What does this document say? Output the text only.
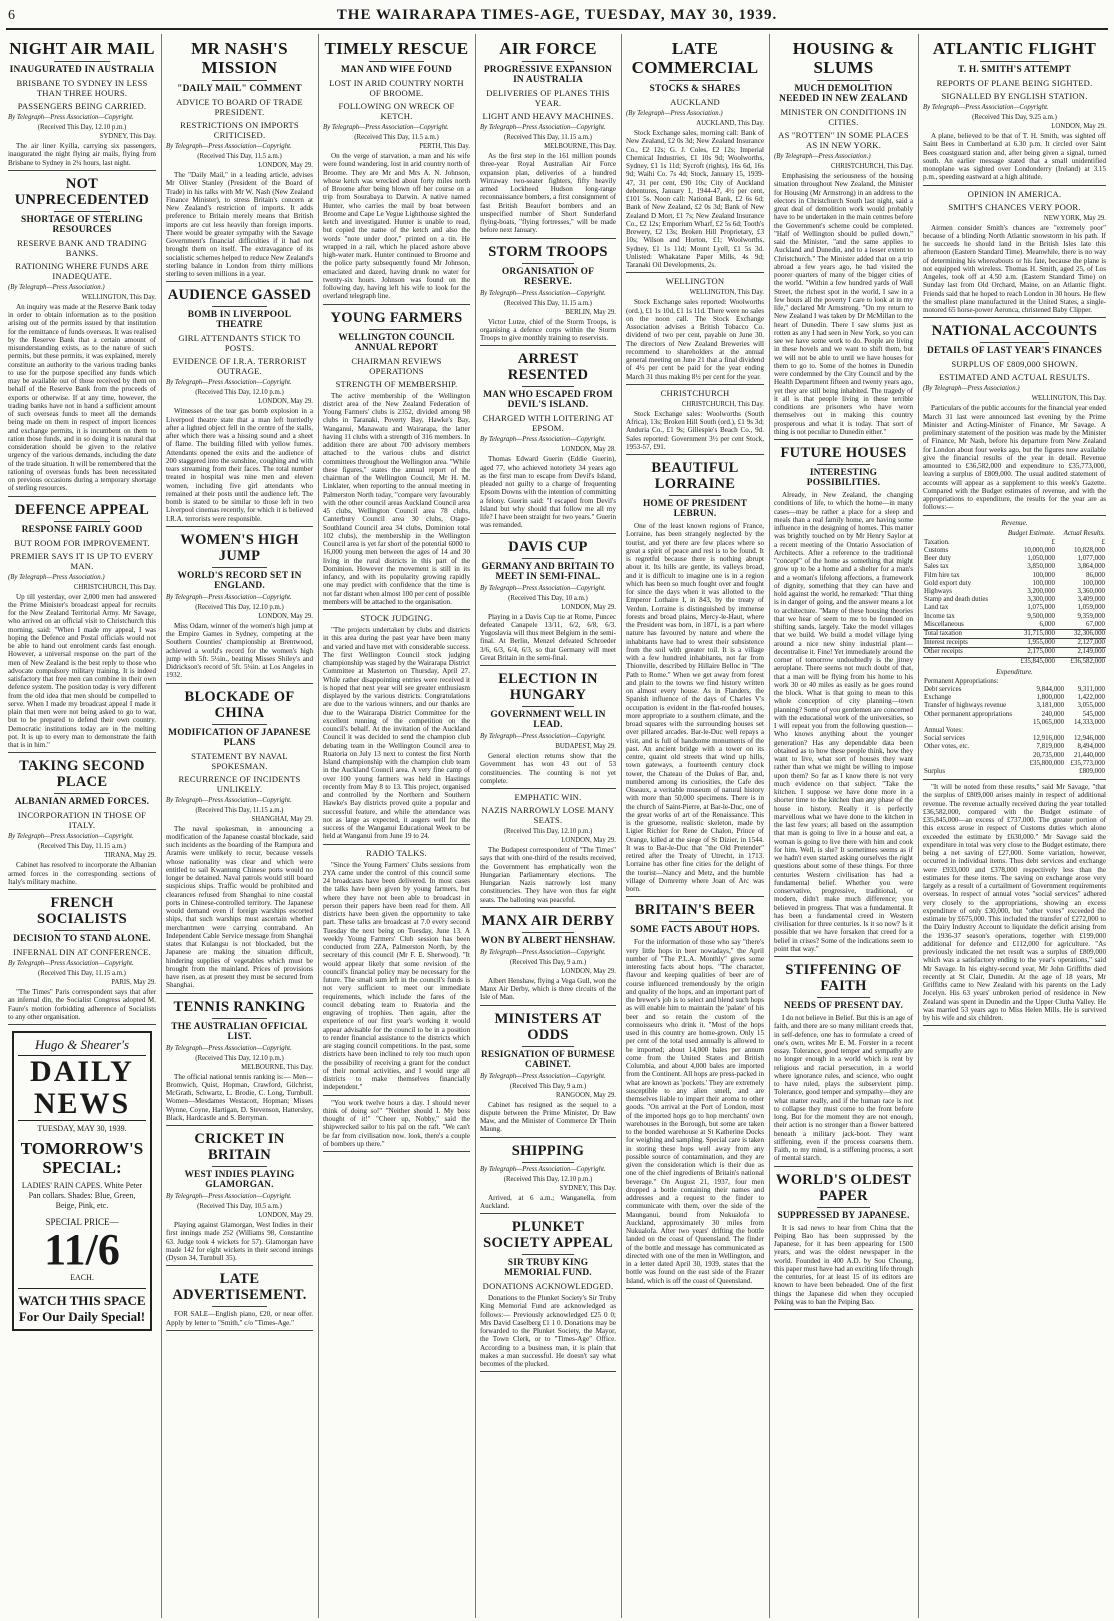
6	THE WAIRARAPA TIMES-AGE, TUESDAY, MAY 30, 1939.
NIGHT AIR MAIL
INAUGURATED IN AUSTRALIA
BRISBANE TO SYDNEY IN LESS THAN THREE HOURS.
PASSENGERS BEING CARRIED.
By Telegraph—Press Association—Copyright.
(Received This Day, 12.10 p.m.)
SYDNEY, This Day.

The air liner Kyilla, carrying six passengers, inaugurated the night flying air mails, flying from Brisbane to Sydney in 2¼ hours, last night.

NOT UNPRECEDENTED
SHORTAGE OF STERLING RESOURCES
RESERVE BANK AND TRADING BANKS.
RATIONING WHERE FUNDS ARE INADEQUATE.
(By Telegraph—Press Association.)
WELLINGTON, This Day.

An inquiry was made at the Reserve Bank today in order to obtain information as to the position arising out of the permits issued by that institution for the remittance of funds overseas. It was realised by the Reserve Bank that a certain amount of misunderstanding exists, as to the nature of such permits, but these permits, it was explained, merely constitute an authority to the various trading banks to use for the purpose specified any funds which may be available out of those received by them on behalf of the Reserve Bank from the proceeds of exports or otherwise. If at any time, however, the trading banks have not in hand a sufficient amount of such overseas funds to meet all the demands being made on them in respect of import licences and exchange permits, it is incumbent on them to ration those funds, and in so doing it is natural that consideration should be given to the relative urgency of the various demands, including the date of the trade situation. It will be remembered that the rationing of overseas funds has been necessitated on previous occasions during a temporary shortage of sterling resources.

DEFENCE APPEAL
RESPONSE FAIRLY GOOD
BUT ROOM FOR IMPROVEMENT.
PREMIER SAYS IT IS UP TO EVERY MAN.
(By Telegraph—Press Association.)
CHRISTCHURCH, This Day.

Up till yesterday, over 2,000 men had answered the Prime Minister's broadcast appeal for recruits for the New Zealand Territorial Army. Mr Savage, who arrived on an official visit to Christchurch this morning, said: "When I made my appeal, I was hoping the Defence and Postal officials would not be able to hand out enrolment cards fast enough. However, a universal response on the part of the men of New Zealand is the best reply to those who advocate compulsory military training. It is indeed satisfactory that free men can combine in their own defence system. The position today is very different from the old idea that men should be compelled to serve. When I made my broadcast appeal I made it plain that men were not being asked to go to war, but to be prepared to defend their own country. Democratic institutions today are in the melting pot. It is up to every man to demonstrate the faith that is in him."

TAKING SECOND PLACE
ALBANIAN ARMED FORCES.
INCORPORATION IN THOSE OF ITALY.
By Telegraph—Press Association—Copyright.
(Received This Day, 11.15 a.m.)
TIRANA, May 29.

Cabinet has resolved to incorporate the Albanian armed forces in the corresponding sections of Italy's military machine.

FRENCH SOCIALISTS
DECISION TO STAND ALONE.
INFERNAL DIN AT CONFERENCE.
By Telegraph—Press Association—Copyright.
(Received This Day, 11.15 a.m.)
PARIS, May 29.

"The Times" Paris correspondent says that after an infernal din, the Socialist Congress adopted M. Faure's motion forbidding adherence of Socialists to any other organisation.

Hugo & Shearer's
DAILY NEWS
TUESDAY, MAY 30, 1939.
TOMORROW'S SPECIAL:
LADIES' RAIN CAPES. White Peter Pan collars. Shades: Blue, Green, Beige, Pink, etc.
SPECIAL PRICE—
11/6
EACH.
WATCH THIS SPACE
For Our Daily Special!
MR NASH'S MISSION
"DAILY MAIL" COMMENT
ADVICE TO BOARD OF TRADE PRESIDENT.
RESTRICTIONS ON IMPORTS CRITICISED.
By Telegraph—Press Association—Copyright.
(Received This Day, 11.5 a.m.)
LONDON, May 29.

The "Daily Mail," in a leading article, advises Mr Oliver Stanley (President of the Board of Trade) in his talks with Mr W. Nash (New Zealand Finance Minister), to stress Britain's concern at New Zealand's restriction of imports. It adds preference to Britain merely means that British imports are cut less heavily than foreign imports. There would be greater sympathy with the Savage Government's financial difficulties if it had not brought them on itself. The extravagance of its socialistic schemes helped to reduce New Zealand's sterling balance in London from thirty millions sterling to seven millions in a year.

AUDIENCE GASSED
BOMB IN LIVERPOOL THEATRE
GIRL ATTENDANTS STICK TO POSTS.
EVIDENCE OF I.R.A. TERRORIST OUTRAGE.
By Telegraph—Press Association—Copyright.
(Received This Day, 12.10 p.m.)
LONDON, May 29.

Witnesses of the tear gas bomb explosion in a Liverpool theatre state that a man left hurriedly after a lighted object fell in the centre of the stalls, after which there was a hissing sound and a sheet of flame. The building filled with yellow fumes. Attendants opened the exits and the audience of 200 staggered into the sunshine, coughing and with tears streaming from their faces. The total number treated in hospital was nine men and eleven women, including five girl attendants who remained at their posts until the audience left. The bomb is stated to be similar to those left in two Liverpool cinemas recently, for which it is believed I.R.A. terrorists were responsible.

WOMEN'S HIGH JUMP
WORLD'S RECORD SET IN ENGLAND.
By Telegraph—Press Association—Copyright.
(Received This Day, 12.10 p.m.)
LONDON, May 29.

Miss Odam, winner of the women's high jump at the Empire Games in Sydney, competing at the Southern Counties' championship at Brentwood, achieved a world's record for the women's high jump with 5ft. 5¼in., beating Misses Shiley's and Didrickson's record of 5ft. 5¼in. at Los Angeles in 1932.

BLOCKADE OF CHINA
MODIFICATION OF JAPANESE PLANS
STATEMENT BY NAVAL SPOKESMAN.
RECURRENCE OF INCIDENTS UNLIKELY.
By Telegraph—Press Association—Copyright.
(Received This Day, 11.15 a.m.)
SHANGHAI, May 29.

The naval spokesman, in announcing a modification of the Japanese coastal blockade, said such incidents as the boarding of the Rampura and Aramis were unlikely to recur, because vessels whose nationality was clear and which were entitled to sail Kwantung Chinese ports would no longer be detained. Naval patrols would still board suspicious ships. Traffic would be prohibited and clearances refused from Shanghai to nine coastal ports in Chinese-controlled territory. The Japanese would demand even if foreign warships escorted ships, that such warships must ascertain whether merchantmen were carrying contraband. An Independent Cable Service message from Shanghai states that Kulangsu is not blockaded, but the Japanese are making the situation difficult, hindering supplies of vegetables which must be brought from the mainland. Prices of provisions have risen, as at present they must be secured from Shanghai.

TENNIS RANKING
THE AUSTRALIAN OFFICIAL LIST.
By Telegraph—Press Association—Copyright.
(Received This Day, 12.10 p.m.)
MELBOURNE, This Day.

The official national tennis ranking is:— Men—Bromwich, Quist, Hopman, Crawford, Gilchrist, McGrath, Schwartz, L. Brodie, C. Long, Turnbull. Women—Mesdames Westacott, Hopman; Misses Wynne, Coyne, Hartigan, D. Stevenson, Hattersley, Black, Hardcastle and S. Berryman.

CRICKET IN BRITAIN
WEST INDIES PLAYING GLAMORGAN.
By Telegraph—Press Association—Copyright.
(Received This Day, 10.5 a.m.)
LONDON, May 29.

Playing against Glamorgan, West Indies in their first innings made 252 (Williams 98, Constantine 63. Judge took 4 wickets for 57). Glamorgan have made 142 for eight wickets in their second innings (Dyson 34, Turnbull 35).

LATE ADVERTISEMENT.

FOR SALE—English piano, £20, or near offer. Apply by letter to "Smith," c/o "Times-Age."

TIMELY RESCUE
MAN AND WIFE FOUND
LOST IN ARID COUNTRY NORTH OF BROOME.
FOLLOWING ON WRECK OF KETCH.
By Telegraph—Press Association—Copyright.
(Received This Day, 11.5 a.m.)
PERTH, This Day.

On the verge of starvation, a man and his wife were found wandering, lost in arid country north of Broome. They are Mr and Mrs A. N. Johnson, whose ketch was wrecked about forty miles north of Broome after being blown off her course on a trip from Sourabaya to Darwin. A native named Hunter, who carries the mail by boat between Broome and Cape Le Vegue Lighthouse sighted the ketch and investigated. Hunter is unable to read, but copied the name of the ketch and also the words "note under door," printed on a tin. He wrapped in a rail, which he placed ashore above high-water mark. Hunter continued to Broome and the police party subsequently found Mr Johnson, emaciated and dazed, having drunk no water for twenty-six hours. Johnson was found on the following day, having left his wife to look for the overland telegraph line.

YOUNG FARMERS
WELLINGTON COUNCIL ANNUAL REPORT
CHAIRMAN REVIEWS OPERATIONS
STRENGTH OF MEMBERSHIP.

The active membership of the Wellington district area of the New Zealand Federation of Young Farmers' clubs is 2352, divided among 98 clubs in Taranaki, Poverty Bay, Hawke's Bay, Wanganui, Manawatu and Wairarapa, the latter having 11 clubs with a strength of 316 members. In addition there are about 700 advisory members attached to the various clubs and district committees throughout the Wellington area. "While these figures," states the annual report of the chairman of the Wellington Council, Mr H. M. Linklater, when reporting to the annual meeting in Palmerston North today, "compare very favourably with the other council areas Auckland Council area 45 clubs, Wellington Council area 78 clubs, Canterbury Council area 30 clubs, Otago-Southland Council area 34 clubs, Dominion total 102 clubs), the membership in the Wellington Council area is yet far short of the potential 6000 to 16,000 young men between the ages of 14 and 30 living in the rural districts in this part of the Dominion. However the movement is still in its infancy, and with its popularity growing rapidly one may predict with confidence that the time is not far distant when almost 100 per cent of possible members will be attached to the organisation.

STOCK JUDGING.

"The projects undertaken by clubs and districts in this area during the past year have been many and varied and have met with considerable success. The first Wellington Council stock judging championship was staged by the Wairarapa District Committee at Masterton on Thursday, April 27. While rather disappointing entries were received it is hoped that next year will see greater enthusiasm displayed by the various districts. Congratulations are due to the various winners, and our thanks are due to the Wairarapa District Committee for the excellent running of the competition on the council's behalf. At the invitation of the Auckland Council it was decided to send the champion club debating team in the Wellington Council area to Ruatoria on July 13 next to contest the first North Island championship with the champion club team in the Auckland Council area. A very fine camp of over 100 young farmers was held in Hastings recently from May 8 to 13. This project, organised and controlled by the Northern and Southern Hawke's Bay districts proved quite a popular and successful feature, and while the attendance was not as large as expected, it augers well for the success of the Wanganui Educational Week to be held at Wanganui from June 19 to 24.

RADIO TALKS.

"Since the Young Farmers' Clubs sessions from 2YA came under the control of this council some 24 broadcasts have been delivered. In most cases the talks have been given by young farmers, but where they have not been able to broadcast in person their papers have been read for them. All districts have been given the opportunity to take part. These talks are broadcast at 7.0 every second Tuesday the next being on Tuesday, June 13. A weekly Young Farmers' Club session has been conducted from 2ZA, Palmerston North, by the secretary of this council (Mr F. E. Sherwood). "It would appear likely that some revision of the council's financial policy may be necessary for the future. The small sum left in the council's funds is not very sufficient to meet our immediate requirements, which include the fares of the council debating team to Ruatoria and the engraving of trophies. Then again, after the experience of our first year's working it would appear advisable for the council to be in a position to render financial assistance to the districts which are staging council competitions. In the past, some districts have been inclined to rely too much upon the possibility of receiving a grant for the conduct of their normal activities, and I would urge all districts to make themselves financially independent."

"You work twelve hours a day. I should never think of doing so!" "Neither should I. My boss thought of it!" "Cheer up, Nobby," said the shipwrecked sailor to his pal on the raft. "We can't be far from civilisation now. look, there's a couple of bombers up there."

AIR FORCE
PROGRESSIVE EXPANSION IN AUSTRALIA
DELIVERIES OF PLANES THIS YEAR.
LIGHT AND HEAVY MACHINES.
By Telegraph—Press Association—Copyright.
(Received This Day, 11.15 a.m.)
MELBOURNE, This Day.

As the first step in the 161 million pounds three-year Royal Australian Air Force expansion plan, deliveries of a hundred Wirraway two-seater fighters, fifty heavily armed Lockheed Hudson long-range reconnaissance bombers, a first consignment of fast British Beaufort bombers and an unspecified number of Short Sunderland flying-boats, "flying fortresses," will be made before next January.

STORM TROOPS
ORGANISATION OF RESERVE.
By Telegraph—Press Association—Copyright.
(Received This Day, 11.15 a.m.)
BERLIN, May 29.

Victor Lutze, chief of the Storm Troops, is organising a defence corps within the Storm Troops to give monthly training to reservists.

ARREST RESENTED
MAN WHO ESCAPED FROM DEVIL'S ISLAND.
CHARGED WITH LOITERING AT EPSOM.
By Telegraph—Press Association—Copyright.
LONDON, May 28.

Thomas Edward Guerin (Eddie Guerin), aged 77, who achieved notoriety 34 years ago as the first man to escape from Devil's Island, pleaded not guilty to a charge of frequenting Epsom Downs with the intention of committing a felony. Guerin said: "I escaped from Devil's Island but why should that follow me all my life? I have been straight for two years." Guerin was remanded.

DAVIS CUP
GERMANY AND BRITAIN TO MEET IN SEMI-FINAL.
By Telegraph—Press Association—Copyright.
(Received This Day, 10 a.m.)
LONDON, May 29.

Playing in a Davis Cup tie at Rome, Puncec defeated Canapele 13/11, 6/2, 6/8, 6/3. Yugoslavia will thus meet Belgium in the semi-final. At Berlin, Menzel defeated Schroeder 3/6, 6/3, 6/4, 6/3, so that Germany will meet Great Britain in the semi-final.

ELECTION IN HUNGARY
GOVERNMENT WELL IN LEAD.
By Telegraph—Press Association—Copyright.
BUDAPEST, May 29.

General election returns show that the Government has won 43 out of 53 constituencies. The counting is not yet complete.

EMPHATIC WIN.
NAZIS NARROWLY LOSE MANY SEATS.
(Received This Day, 12.10 p.m.)
LONDON, May 29.

The Budapest correspondent of "The Times" says that with one-third of the results received, the Government has emphatically won the Hungarian Parliamentary elections. The Hungarian Nazis narrowly lost many constituencies. They have won thus far eight seats. The balloting was peaceful.

MANX AIR DERBY
WON BY ALBERT HENSHAW.
By Telegraph—Press Association—Copyright.
(Received This Day, 9 a.m.)
LONDON, May 29.

Albert Henshaw, flying a Vega Gull, won the Manx Air Derby, which is three circuits of the Isle of Man.

MINISTERS AT ODDS
RESIGNATION OF BURMESE CABINET.
By Telegraph—Press Association—Copyright.
(Received This Day, 9 a.m.)
RANGOON, May 29.

Cabinet has resigned as the sequel to a dispute between the Prime Minister, Dr Baw Maw, and the Minister of Commerce Dr Thein Maung.

SHIPPING
By Telegraph—Press Association—Copyright.
(Received This Day, 12.10 p.m.)
SYDNEY, This Day.

Arrived, at 6 a.m.; Wanganella, from Auckland.

PLUNKET SOCIETY APPEAL
SIR TRUBY KING MEMORIAL FUND.
DONATIONS ACKNOWLEDGED.

Donations to the Plunket Society's Sir Truby King Memorial Fund are acknowledged as follows:— Previously acknowledged £25 0 0; Mrs David Caselberg £1 1 0. Donations may be forwarded to the Plunket Society, the Mayor, the Town Clerk, or to "Times-Age" Office. According to a business man, it is plain that makes a man successful. He doesn't say what becomes of the plucked.

LATE COMMERCIAL
STOCKS & SHARES
AUCKLAND
(By Telegraph—Press Association.)
AUCKLAND, This Day.

Stock Exchange sales, morning call: Bank of New Zealand, £2 0s 3d; New Zealand Insurance Co., £2 12s; G. J. Coles, £2 12s; Imperial Chemical Industries, £1 10s 9d; Woolworths, Sydney, £1 1s 11d; Sycroft (rights), 16s 6d, 16s 9d; Waihi Co. 7s 4d; Stock, January 15, 1939-47, 31 per cent, £90 10s; City of Auckland debentures, January 1, 1944-47, 4½ per cent, £101 5s. Noon call: National Bank, £2 6s 6d; Bank of New Zealand, £2 0s 3d; Bank of New Zealand D Mort, £1 7s; New Zealand Insurance Co., £2 12s; Emporium Wharf, £2 5s 6d; Tooth's Brewery, £2 13s; Broken Hill Proprietary, £3 10s; Wilson and Horton, £1; Woolworths, Sydney, £1 1s 11d; Mount Lyell, £1 5s 3d. Unlisted: Whakatane Paper Mills, 4s 9d; Taranaki Oil Developments, 2s.

WELLINGTON
WELLINGTON, This Day.

Stock Exchange sales reported: Woolworths (ord.), £1 1s 10d, £1 1s 11d. There were no sales on the noon call. The Stock Exchange Association advises a British Tobacco Co. dividend of two per cent, payable on June 30. The directors of New Zealand Breweries will recommend to shareholders at the annual general meeting on June 21 that a final dividend of 4½ per cent be paid for the year ending March 31 thus making 8½ per cent for the year.

CHRISTCHURCH
CHRISTCHURCH, This Day.

Stock Exchange sales: Woolworths (South Africa), 13s; Broken Hill South (ord.), £1 9s 3d; Anduria Co., £1 9s; Gillespie's Beach Co., 9d. Sales reported: Government 3½ per cent Stock, 1953-57, £91.

BEAUTIFUL LORRAINE
HOME OF PRESIDENT LEBRUN.

One of the least known regions of France, Lorraine, has been strangely neglected by the tourist, and yet there are few places where so great a spirit of peace and rest is to be found. It is regretful because there is nothing abrupt about it. Its hills are gentle, its valleys broad, and it is difficult to imagine one is in a region which has been so much fought over and fought for since the days when it was allotted to the Emperor Lothaire I, in 843, by the treaty of Verdun. Lorraine is distinguished by immense forests and broad plains, Mercy-le-Haut, where the President was born, in 1871, is a part where nature has favoured by nature and where the inhabitants have had to wrest their subsistence from the soil with greater toil. It is a village with a few hundred inhabitants, not far from Thionville, described by Hillaire Belloc in "The Path to Rome." When we get away from forest and plain to the towns we find history written on almost every house. As in Flanders, the Spanish influence of the days of Charles V's occupation is evident in the flat-roofed houses, more appropriate to a southern climate, and the broad squares with the surrounding houses set over pillared arcades. Bar-le-Duc well repays a visit, and is full of handsome monuments of the past. An ancient bridge with a tower on its centre, quaint old streets that wind up hills, town gateways, a fourteenth century clock tower, the Chateau of the Dukes of Bar, and, numbered among its curiosities, the Cafe des Oiseaux, a veritable museum of natural history with more than 50,000 specimens. There is in the church of Saint-Pierre, at Bar-le-Duc, one of the great works of art of the Renaissance. This is the gruesome, realistic skeleton, made by Ligier Richier for Rene de Chalon, Prince of Orange, killed at the siege of St Dizier, in 1544. It was to Bar-le-Duc that "the Old Pretender" retired after the Treaty of Utrecht, in 1713. Lorraine has other fine cities for the delight of the tourist—Nancy and Metz, and the humble village of Domremy where Joan of Arc was born.

BRITAIN'S BEER
SOME FACTS ABOUT HOPS.

For the information of those who say "there's very little hops in beer nowadays," the April number of "The P.L.A. Monthly" gives some interesting facts about hops. "The character, flavour and keeping qualities of beer are of course influenced tremendously by the origin and quality of the hops, and an important part of the brewer's job is to select and blend such hops as will enable him to maintain the 'palate' of his beer and so retain the custom of the connoisseurs who drink it. "Most of the hops used in this country are home-grown. Only 15 per cent of the total used annually is allowed to be imported; about 14,000 bales per annum come from the United States and British Columbia, and about 4,000 bales are imported from the Continent. All hops are press-packed in what are known as 'pockets.' They are extremely susceptible to any alien smell, and are themselves liable to impart their aroma to other goods. "On arrival at the Port of London, most of the imported hops go to hop merchants' own warehouses in the Borough, but some are taken to the bonded warehouse at St Katherine Docks for weighing and sampling. Special care is taken in storing these hops well away from any possible source of contamination, and they are given the consideration which is their due as one of the chief ingredients of Britain's national beverage." On August 21, 1937, four men dropped a bottle containing their names and addresses and a request to the finder to communicate with them, over the side of the Maunganui, bound from Nukualofa to Auckland, approximately 30 miles from Nukualofa. After two years' drifting the bottle landed on the coast of Queensland. The finder of the bottle and message has communicated as directed with one of the men in Wellington, and in a letter dated April 30, 1939, states that the bottle was found on the east side of the Frazer Island, which is off the coast of Queensland.

HOUSING & SLUMS
MUCH DEMOLITION NEEDED IN NEW ZEALAND
MINISTER ON CONDITIONS IN CITIES.
AS "ROTTEN" IN SOME PLACES AS IN NEW YORK.
(By Telegraph—Press Association.)
CHRISTCHURCH, This Day.

Emphasising the seriousness of the housing situation throughout New Zealand, the Minister for Housing (Mr Armstrong) in an address to the electors in Christchurch South last night, said a great deal of demolition work would probably have to be undertaken in the main centres before the Government's scheme could be completed. "Half of Wellington should be pulled down," said the Minister, "and the same applies to Auckland and Dunedin, and to a lesser extent to Christchurch." The Minister added that on a trip abroad a few years ago, he had visited the poorer quarters of many of the bigger cities of the world. "Within a few hundred yards of Wall Street, the richest spot in the world, I saw in a few hours all the poverty I care to look at in my life," declared Mr Armstrong. "On my return to New Zealand I was taken by Dr McMillan to the heart of Dunedin. There I saw slums just as rotten as any I had seen in New York, so you can see we have some work to do. People are living in these hovels and we want to shift them, but we will not be able to until we have houses for them to go to. Some of the homes in Dunedin were condemned by the City Council and by the Health Department fifteen and twenty years ago, yet they are still being inhabited. The tragedy of it all is that people living in these terrible conditions are prisoners who have worn themselves out in making this country prosperous and what it is today. That sort of thing is not peculiar to Dunedin either."

FUTURE HOUSES
INTERESTING POSSIBILITIES.

Already, in New Zealand, the changing conditions of life, to which the home—in many cases—may be rather a place for a sleep and meals than a real family home, are having some influence in the designing of homes. This matter was brightly touched on by Mr Henry Saylor at a recent meeting of the Ontario Association of Architects. After a reference to the traditional "concept" of the home as something that might grow up to be a home and a shelter for a man's and a woman's lifelong affections, a framework of dignity, something that they can have and hold against the world, he remarked: "That thing is in danger of going, and the answer means a lot to architecture. "Many of these housing theories that we hear of seem to me to be founded on shifting sands, largely. Take the model villages that we build. We build a model village lying around a nice new shiny industrial plant—decentralise it. Fine! Yet immediately around the corner of tomorrow undoubtedly is the jitney aeroplane. There seems not much doubt of that, that a man will be flying from his home to his work 30 or 40 miles as easily as he goes round the block. What is that going to mean to this whole conception of city planning—town planning? Some of you gentlemen are concerned with the educational work of the universities, so I will repeat you from the following question—Who knows anything about the younger generation? Has any dependable data been obtained as to how these people think, how they want to live, what sort of houses they want rather than what we might be willing to impose upon them? So far as I know there is not very much evidence on that subject. "Take the kitchen. I suppose we have done more in a shorter time to the kitchen than any phase of the house in history. Really it is perfectly marvellous what we have done to the kitchen in the last few years; all based on the assumption that man is going to live in a house and eat, a woman is going to live there with him and cook for him. Well, is she? It sometimes seems as if we hadn't even started asking ourselves the right questions about some of these things. For three centuries Western civilisation has had a fundamental belief. Whether you were conservative, progressive, traditional, or modern, didn't make much difference; you believed in progress. That was a fundamental. It has been a fundamental creed in Western civilisation for three centuries. Is it so now? Is it possible that we have forsaken that creed for a belief in crises? Some of the indications seem to point that way."

STIFFENING OF FAITH
NEEDS OF PRESENT DAY.

I do not believe in Belief. But this is an age of faith, and there are so many militant creeds that, in self-defence, one has to formulate a creed of one's own, writes Mr E. M. Forster in a recent essay. Tolerance, good temper and sympathy are no longer enough in a world which is rent by religious and racial persecution, in a world where ignorance rules, and science, who ought to have ruled, plays the subservient pimp. Tolerance, good temper and sympathy—they are what matter really, and if the human race is not to collapse they must come to the front before long. But for the moment they are not enough, their action is no stronger than a flower battered beneath a military jack-boot. They want stiffening, even if the process coarsens them. Faith, to my mind, is a stiffening process, a sort of mental starch.

WORLD'S OLDEST PAPER
SUPPRESSED BY JAPANESE.

It is sad news to hear from China that the Peiping Bao has been suppressed by the Japanese, for it has been appearing for 1500 years, and was the oldest newspaper in the world. Founded in 400 A.D. by Sou Choung, this paper must have had an exciting life through the centuries, for at least 15 of its editors are known to have been beheaded. One of the first things the Japanese did when they occupied Peking was to ban the Peiping Bao.

ATLANTIC FLIGHT
T. H. SMITH'S ATTEMPT
REPORTS OF PLANE BEING SIGHTED.
SIGNALLED BY ENGLISH STATION.
By Telegraph—Press Association—Copyright.
(Received This Day, 9.25 a.m.)
LONDON, May 29.

A plane, believed to be that of T. H. Smith, was sighted off Saint Bees in Cumberland at 6.30 p.m. It circled over Saint Bees coastguard station and, after being given a signal, turned south. An earlier message stated that a small unidentified monoplane was sighted over Londonderry (Ireland) at 3.15 p.m., speeding eastward at a high altitude.

OPINION IN AMERICA.
SMITH'S CHANCES VERY POOR.
NEW YORK, May 29.

Airmen consider Smith's chances are "extremely poor" because of a blinding North Atlantic snowstorm in his path. If he succeeds he should land in the British Isles late this afternoon (Eastern Standard Time). Meanwhile, there is no way of determining his whereabouts or his fate, because the plane is not equipped with wireless. Thomas H. Smith, aged 25, of Los Angeles, took off at 4.50 a.m. (Eastern Standard Time) on Sunday last from Old Orchard, Maine, on an Atlantic flight. Friends said that he hoped to reach London in 30 hours. He flew the smallest plane manufactured in the United States, a single-motored 65 horse-power Aeronca, christened Baby Clipper.

NATIONAL ACCOUNTS
DETAILS OF LAST YEAR'S FINANCES
SURPLUS OF £809,000 SHOWN.
ESTIMATED AND ACTUAL RESULTS.
(By Telegraph—Press Association.)
WELLINGTON, This Day.

Particulars of the public accounts for the financial year ended March 31 last were announced last evening by the Prime Minister and Acting-Minister of Finance, Mr Savage. A preliminary statement of the position was made by the Minister of Finance, Mr Nash, before his departure from New Zealand for London about four weeks ago, but the figures now available give the financial results of the year in detail. Revenue amounted to £36,582,000 and expenditure to £35,773,000, leaving a surplus of £809,000. The usual audited statement of accounts will appear as a supplement to this week's Gazette. Compared with the Budget estimates of revenue, and with the appropriations to expenditure, the results for the year are as follows:—

Revenue.
	Budget Estimate.	Actual Results.
Taxation.	£	£
Customs	10,000,000	10,828,000
Beer duty	1,050,000	1,077,000
Sales tax	3,850,000	3,864,000
Film hire tax	100,000	86,000
Gold export duty	100,000	100,000
Highways	3,200,000	3,360,000
Stamp and death duties	3,300,000	3,409,000
Land tax	1,075,000	1,059,000
Income tax	9,500,000	9,359,000
Miscellaneous	6,000	67,000
Total taxation	31,715,000	32,306,000
Interest receipts	1,955,000	2,127,000
Other receipts	2,175,000	2,149,000
	£35,845,000	£36,582,000
Expenditure.
Permanent Appropriations:		
Debt services	9,844,000	9,311,000
Exchange	1,800,000	1,422,000
Transfer of highways revenue	3,181,000	3,055,000
Other permanent appropriations	240,000	545,000
	15,065,000	14,333,000
Annual Votes:		
Social services	12,916,000	12,946,000
Other votes, etc.	7,819,000	8,494,000
	20,735,000	21,440,000
	£35,800,000	£35,773,000
Surplus		£809,000

"It will be noted from these results," said Mr Savage, "that the surplus of £809,000 arises mainly in respect of additional revenue. The revenue actually received during the year totalled £36,582,000, compared with the Budget estimate of £35,845,000—an excess of £737,000. The greater portion of this excess arose in respect of Customs duties which alone exceeded the estimate by £630,000." Mr Savage said the expenditure in total was very close to the Budget estimate, there being a net saving of £27,000. Some variation, however, occurred in individual items. Thus debt services and exchange were £933,000 and £378,000 respectively less than the estimates for these items. The saving on exchange arose very largely as a result of a curtailment of Government requirements overseas. In respect of annual votes "social services" adhered very closely to the appropriations, showing an excess expenditure of only £30,000, but "other votes" exceeded the estimate by £675,000. This included the transfer of £272,000 to the Dairy Industry Account to liquidate the deficit arising from the 1936-37 season's operations, together with £199,000 additional for defence and £112,000 for agriculture. "As previously indicated the net result was a surplus of £809,000 which was a satisfactory ending to the year's operations," said Mr Savage. In his eighty-second year, Mr John Griffiths died recently at St Clair, Dunedin. At the age of 18 years, Mr Griffiths came to New Zealand with his parents on the Lady Jocelyn. His 63 years' unbroken period of residence in New Zealand was spent in Dunedin and the Upper Clutha Valley. He was married 53 years ago to Miss Helen Mills. He is survived by his wife and six children.
